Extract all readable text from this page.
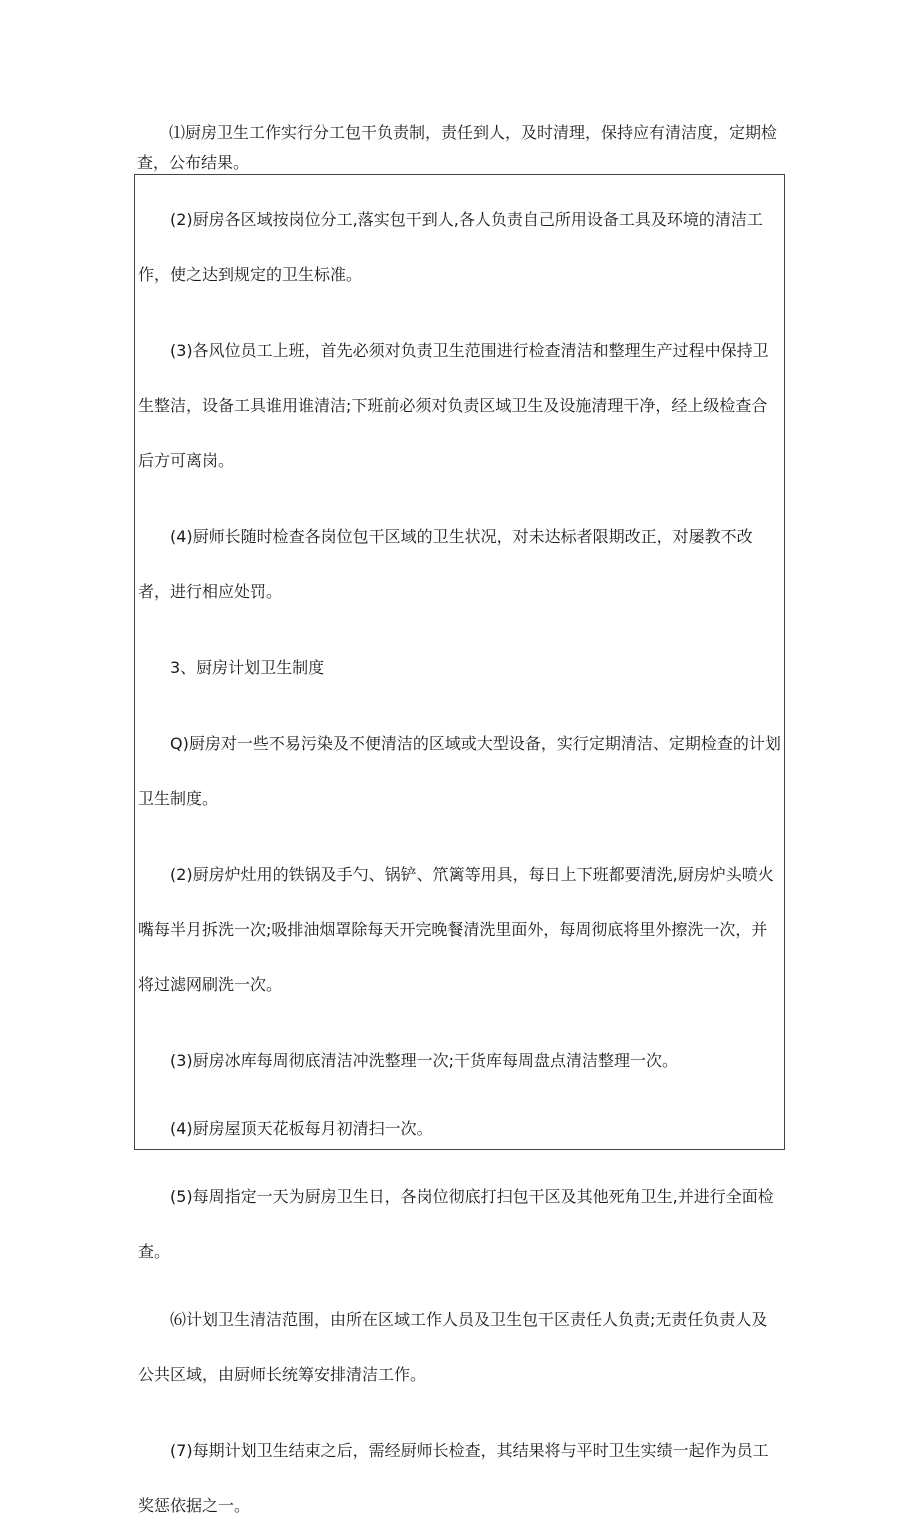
⑴厨房卫生工作实行分工包干负责制，责任到人，及时清理，保持应有清洁度，定期检查，公布结果。

(2)厨房各区域按岗位分工,落实包干到人,各人负责自己所用设备工具及环境的清洁工作，使之达到规定的卫生标准。

(3)各风位员工上班，首先必须对负责卫生范围进行检查清洁和整理生产过程中保持卫生整洁，设备工具谁用谁清洁;下班前必须对负责区域卫生及设施清理干净，经上级检查合后方可离岗。

(4)厨师长随时检查各岗位包干区域的卫生状况，对未达标者限期改正，对屡教不改者，进行相应处罚。

3、厨房计划卫生制度

Q)厨房对一些不易污染及不便清洁的区域或大型设备，实行定期清洁、定期检查的计划卫生制度。

(2)厨房炉灶用的铁锅及手勺、锅铲、笊篱等用具，每日上下班都要清洗,厨房炉头喷火嘴每半月拆洗一次;吸排油烟罩除每天开完晚餐清洗里面外，每周彻底将里外擦洗一次，并将过滤网刷洗一次。

(3)厨房冰库每周彻底清洁冲洗整理一次;干货库每周盘点清洁整理一次。

(4)厨房屋顶天花板每月初清扫一次。

(5)每周指定一天为厨房卫生日，各岗位彻底打扫包干区及其他死角卫生,并进行全面检查。

⑹计划卫生清洁范围，由所在区域工作人员及卫生包干区责任人负责;无责任负责人及公共区域，由厨师长统筹安排清洁工作。

(7)每期计划卫生结束之后，需经厨师长检查，其结果将与平时卫生实绩一起作为员工奖惩依据之一。
